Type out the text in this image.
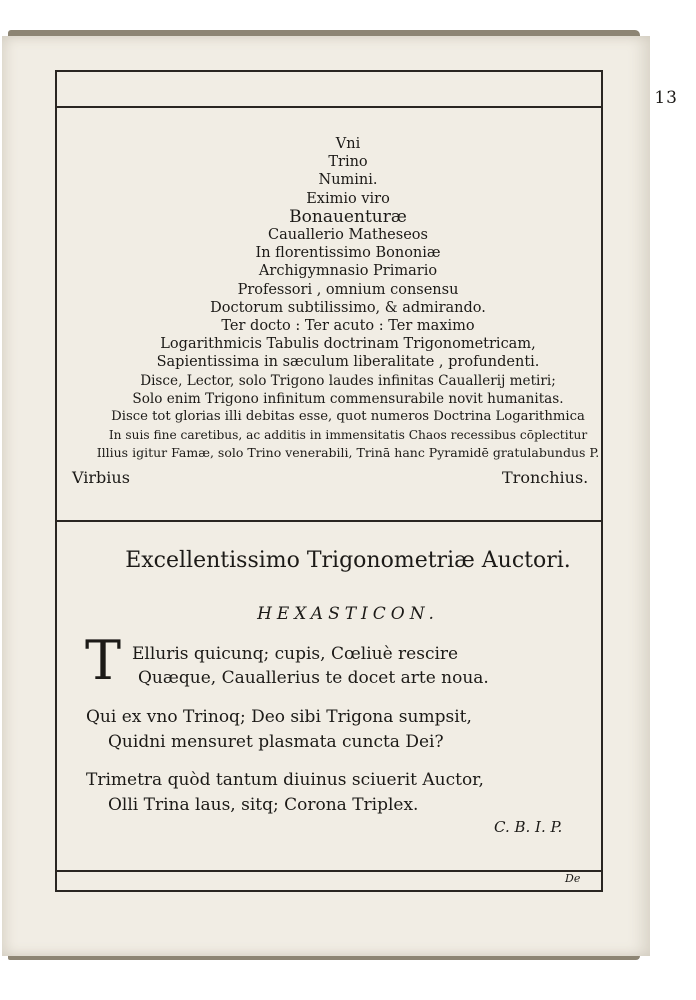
13
Vni
Trino
Numini.
Eximio viro
Bonauenturæ
Cauallerio Matheseos
In florentissimo Bononiæ
Archigymnasio Primario
Professori , omnium consensu
Doctorum subtilissimo, & admirando.
Ter docto : Ter acuto : Ter maximo
Logarithmicis Tabulis doctrinam Trigonometricam,
Sapientissima in sæculum liberalitate , profundenti.
Disce, Lector, solo Trigono laudes infinitas Cauallerij metiri;
Solo enim Trigono infinitum commensurabile novit humanitas.
Disce tot glorias illi debitas esse, quot numeros Doctrina Logarithmica
In suis fine caretibus, ac additis in immensitatis Chaos recessibus cōplectitur
Illius igitur Famæ, solo Trino venerabili, Trinā hanc Pyramidē gratulabundus P.
Virbius	Tronchius.
Excellentissimo Trigonometriæ Auctori.
HEXASTICON.
T Elluris quicunq; cupis, Cœliuè rescire
Quæque, Cauallerius te docet arte noua.
Qui ex vno Trinoq; Deo sibi Trigona sumpsit,
Quidni mensuret plasmata cuncta Dei?
Trimetra quòd tantum diuinus sciuerit Auctor,
Olli Trina laus, sitq; Corona Triplex.
C. B. I. P.
De
